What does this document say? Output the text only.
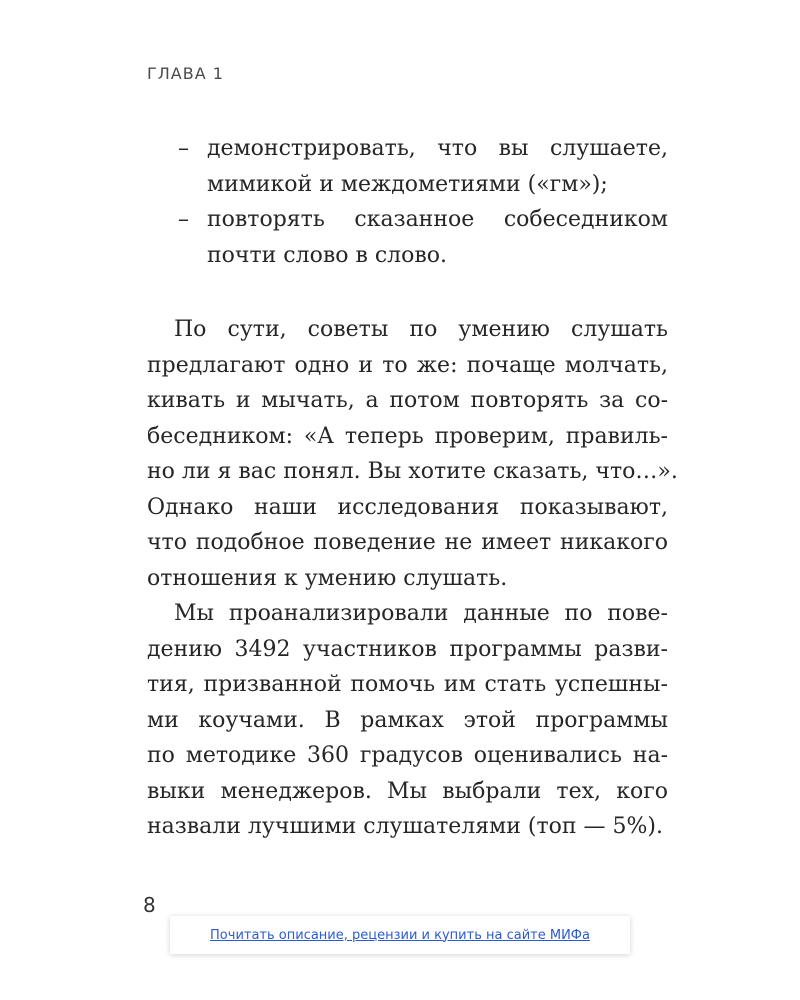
ГЛАВА 1
– демонстрировать, что вы слушаете,
мимикой и междометиями («гм»);
– повторять сказанное собеседником
почти слово в слово.
По сути, советы по умению слушать
предлагают одно и то же: почаще молчать,
кивать и мычать, а потом повторять за со-
беседником: «А теперь проверим, правиль-
но ли я вас понял. Вы хотите сказать, что…».
Однако наши исследования показывают,
что подобное поведение не имеет никакого
отношения к умению слушать.
Мы проанализировали данные по пове-
дению 3492 участников программы разви-
тия, призванной помочь им стать успешны-
ми коучами. В рамках этой программы
по методике 360 градусов оценивались на-
выки менеджеров. Мы выбрали тех, кого
назвали лучшими слушателями (топ — 5%).
8
Почитать описание, рецензии и купить на сайте МИФа
